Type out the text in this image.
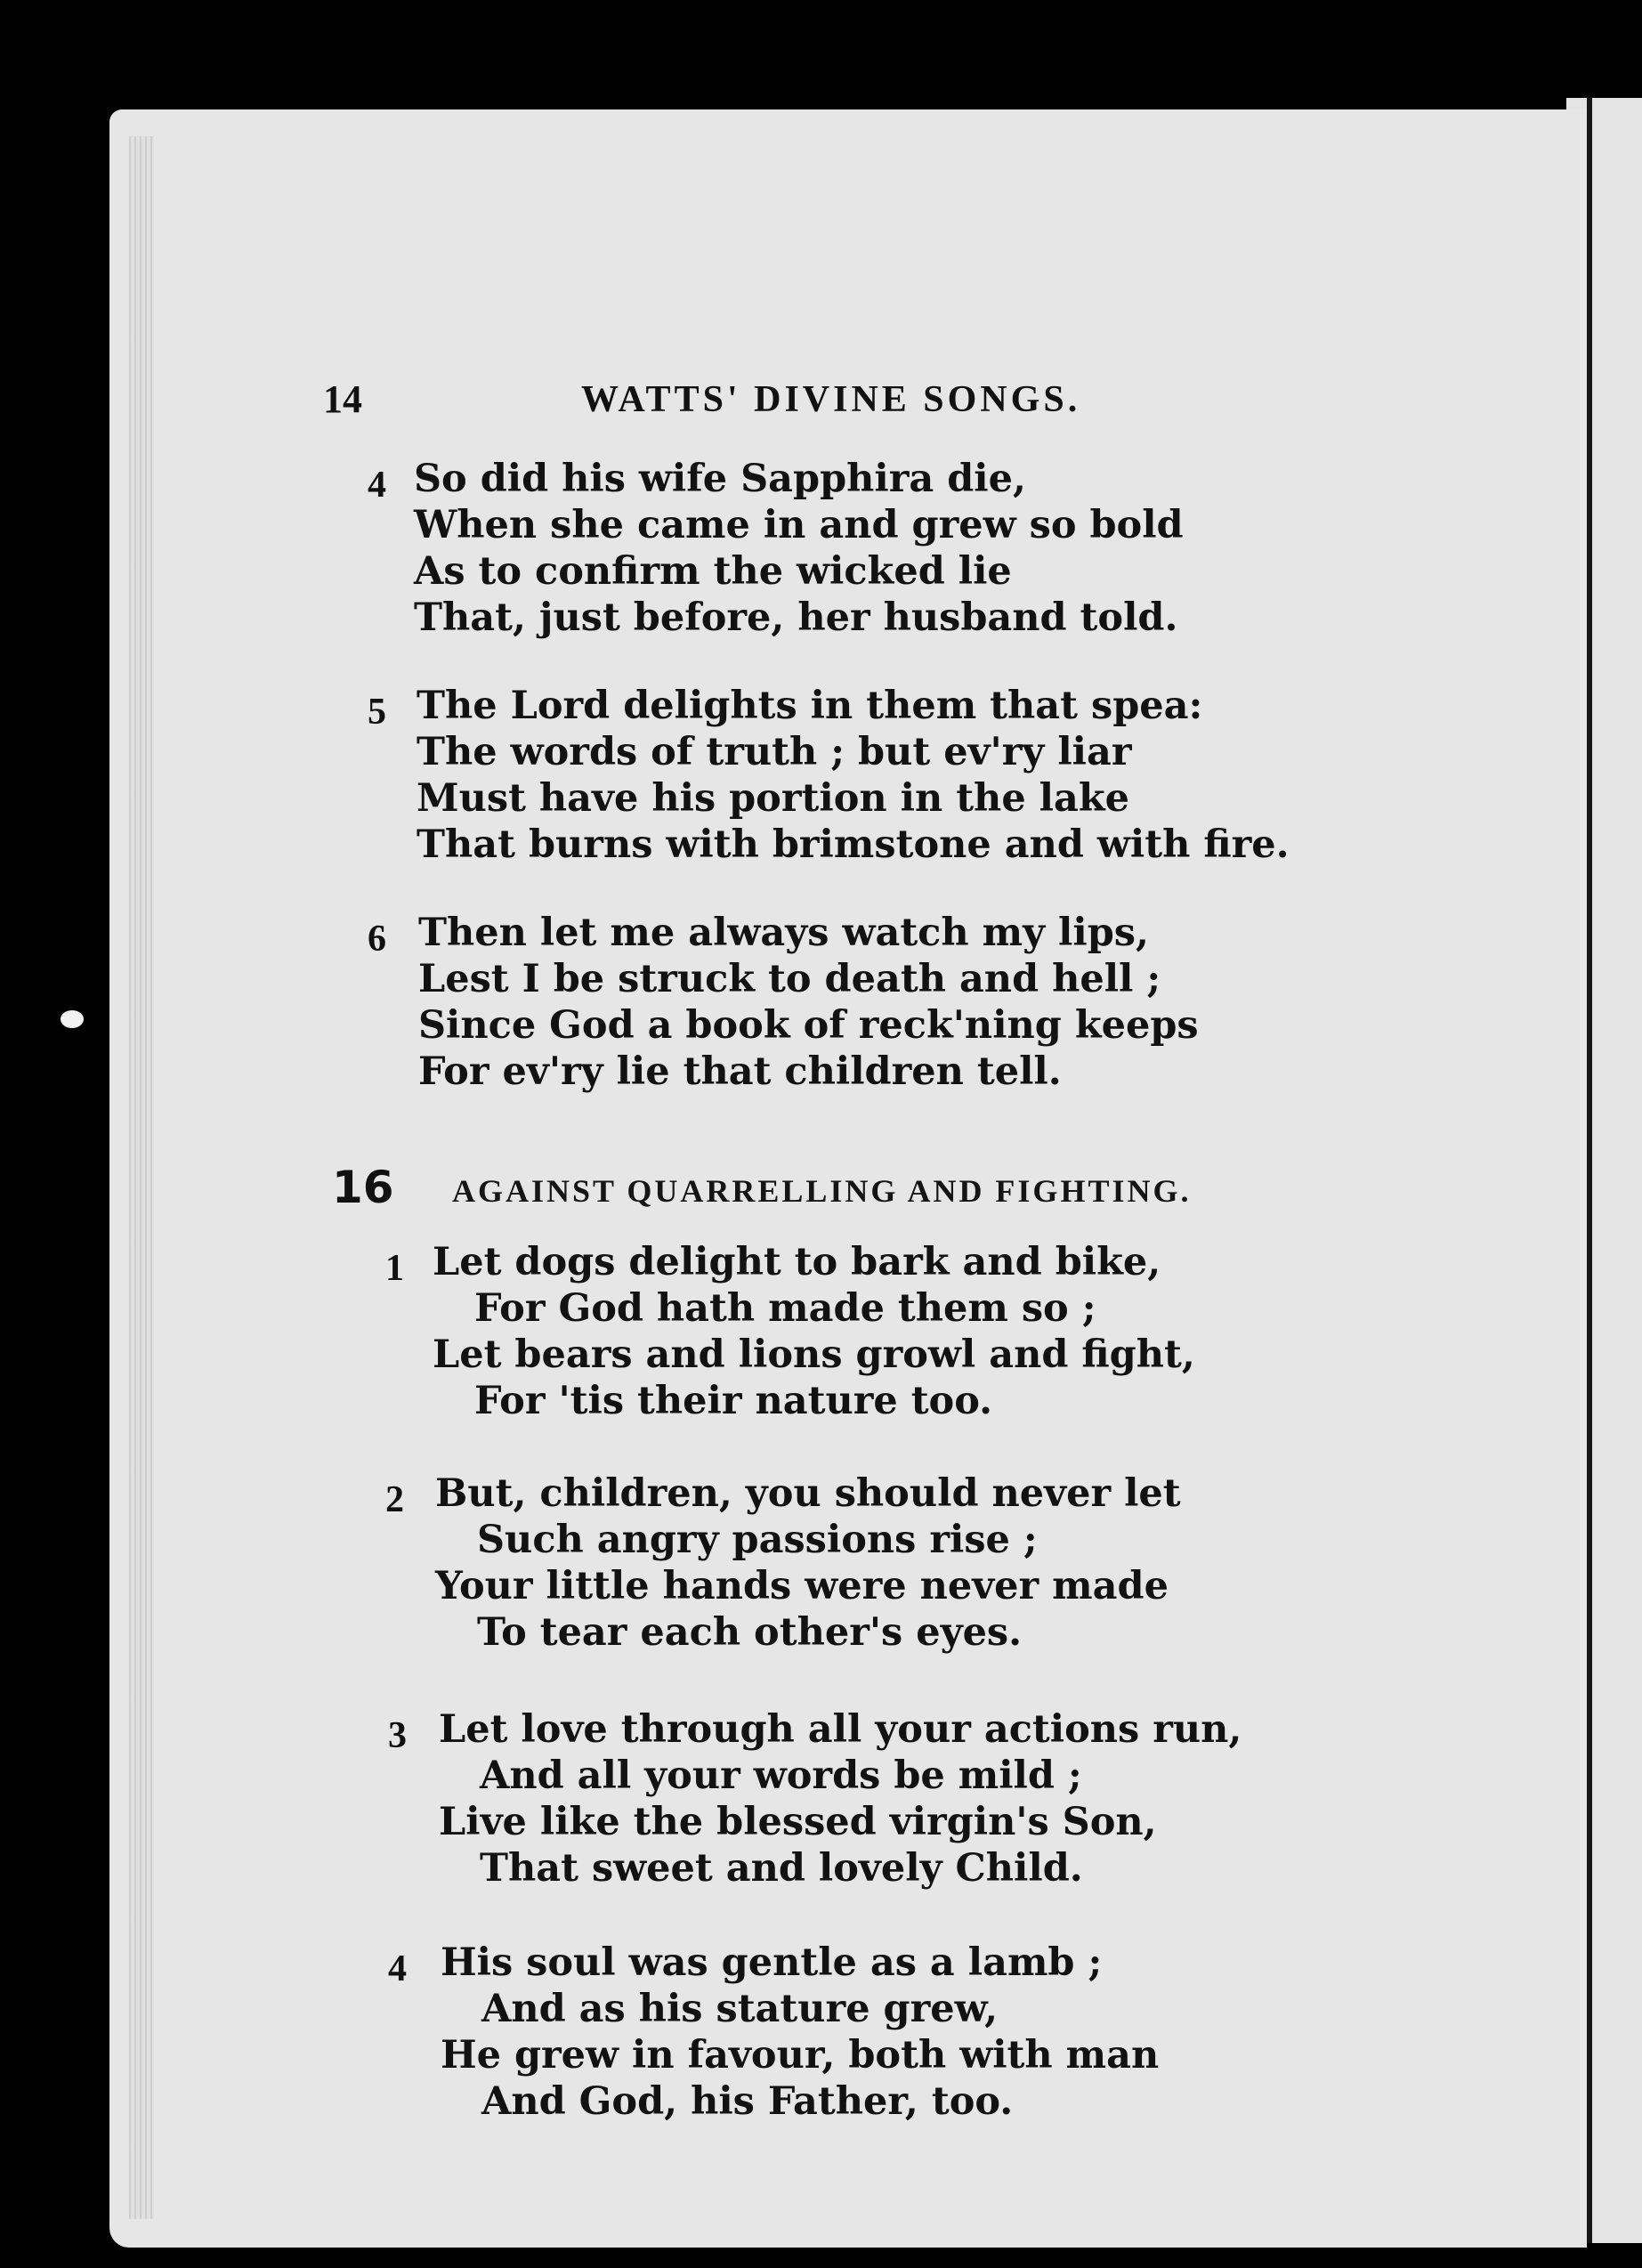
14	WATTS' DIVINE SONGS.
4 So did his wife Sapphira die,
When she came in and grew so bold
As to confirm the wicked lie
That, just before, her husband told.
5 The Lord delights in them that spea:
The words of truth ; but ev'ry liar
Must have his portion in the lake
That burns with brimstone and with fire.
6 Then let me always watch my lips,
Lest I be struck to death and hell ;
Since God a book of reck'ning keeps
For ev'ry lie that children tell.
16 AGAINST QUARRELLING AND FIGHTING.
1 Let dogs delight to bark and bike,
For God hath made them so ;
Let bears and lions growl and fight,
For 'tis their nature too.
2 But, children, you should never let
Such angry passions rise ;
Your little hands were never made
To tear each other's eyes.
3 Let love through all your actions run,
And all your words be mild ;
Live like the blessed virgin's Son,
That sweet and lovely Child.
4 His soul was gentle as a lamb ;
And as his stature grew,
He grew in favour, both with man
And God, his Father, too.
